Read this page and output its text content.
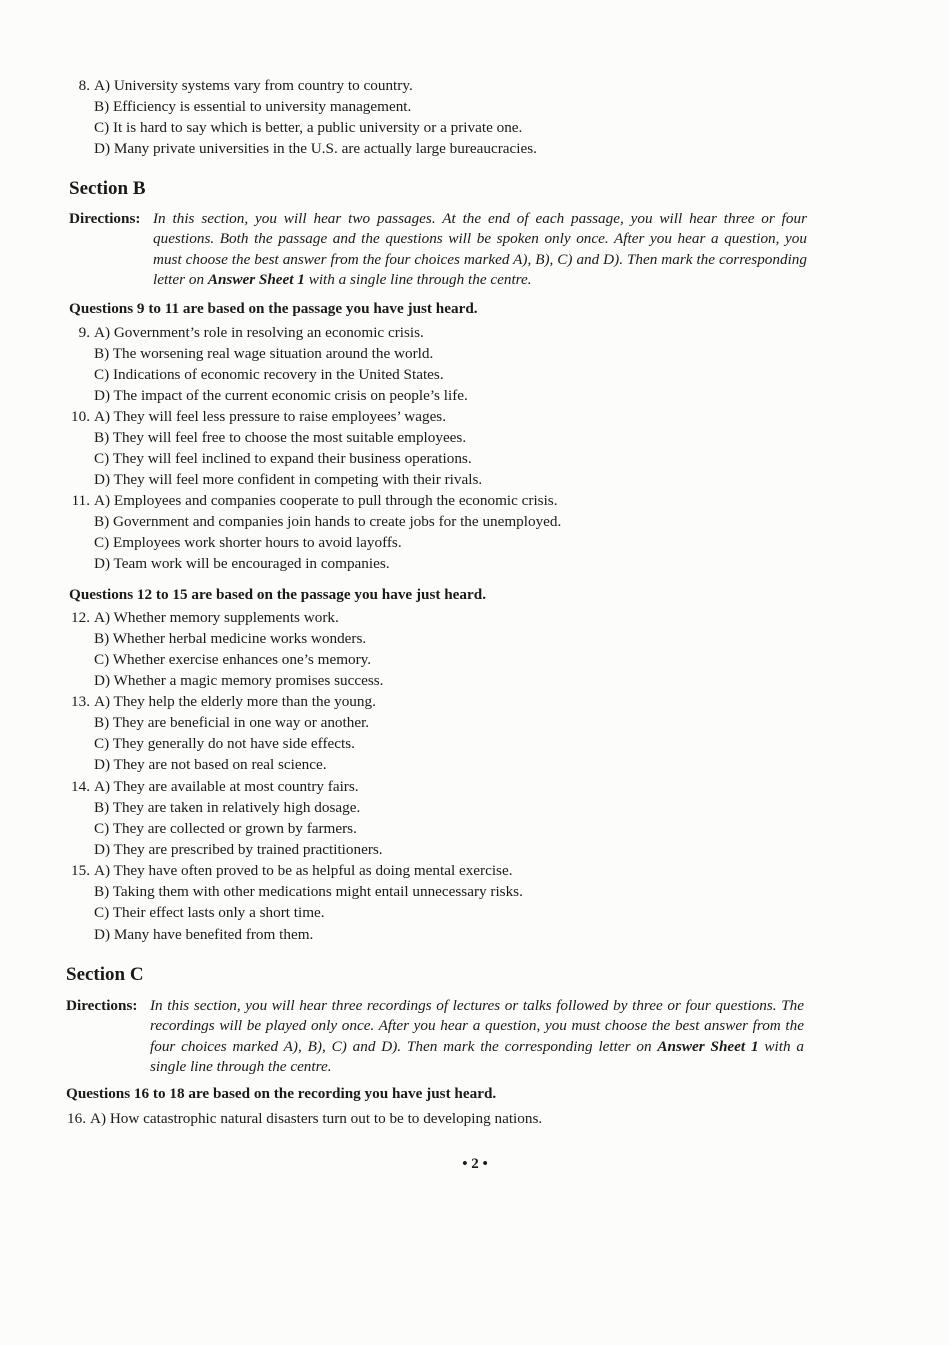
8. A) University systems vary from country to country.
B) Efficiency is essential to university management.
C) It is hard to say which is better, a public university or a private one.
D) Many private universities in the U.S. are actually large bureaucracies.
Section B
Directions: In this section, you will hear two passages. At the end of each passage, you will hear three or four questions. Both the passage and the questions will be spoken only once. After you hear a question, you must choose the best answer from the four choices marked A), B), C) and D). Then mark the corresponding letter on Answer Sheet 1 with a single line through the centre.
Questions 9 to 11 are based on the passage you have just heard.
9. A) Government’s role in resolving an economic crisis.
B) The worsening real wage situation around the world.
C) Indications of economic recovery in the United States.
D) The impact of the current economic crisis on people’s life.
10. A) They will feel less pressure to raise employees’ wages.
B) They will feel free to choose the most suitable employees.
C) They will feel inclined to expand their business operations.
D) They will feel more confident in competing with their rivals.
11. A) Employees and companies cooperate to pull through the economic crisis.
B) Government and companies join hands to create jobs for the unemployed.
C) Employees work shorter hours to avoid layoffs.
D) Team work will be encouraged in companies.
Questions 12 to 15 are based on the passage you have just heard.
12. A) Whether memory supplements work.
B) Whether herbal medicine works wonders.
C) Whether exercise enhances one’s memory.
D) Whether a magic memory promises success.
13. A) They help the elderly more than the young.
B) They are beneficial in one way or another.
C) They generally do not have side effects.
D) They are not based on real science.
14. A) They are available at most country fairs.
B) They are taken in relatively high dosage.
C) They are collected or grown by farmers.
D) They are prescribed by trained practitioners.
15. A) They have often proved to be as helpful as doing mental exercise.
B) Taking them with other medications might entail unnecessary risks.
C) Their effect lasts only a short time.
D) Many have benefited from them.
Section C
Directions: In this section, you will hear three recordings of lectures or talks followed by three or four questions. The recordings will be played only once. After you hear a question, you must choose the best answer from the four choices marked A), B), C) and D). Then mark the corresponding letter on Answer Sheet 1 with a single line through the centre.
Questions 16 to 18 are based on the recording you have just heard.
16. A) How catastrophic natural disasters turn out to be to developing nations.
• 2 •
